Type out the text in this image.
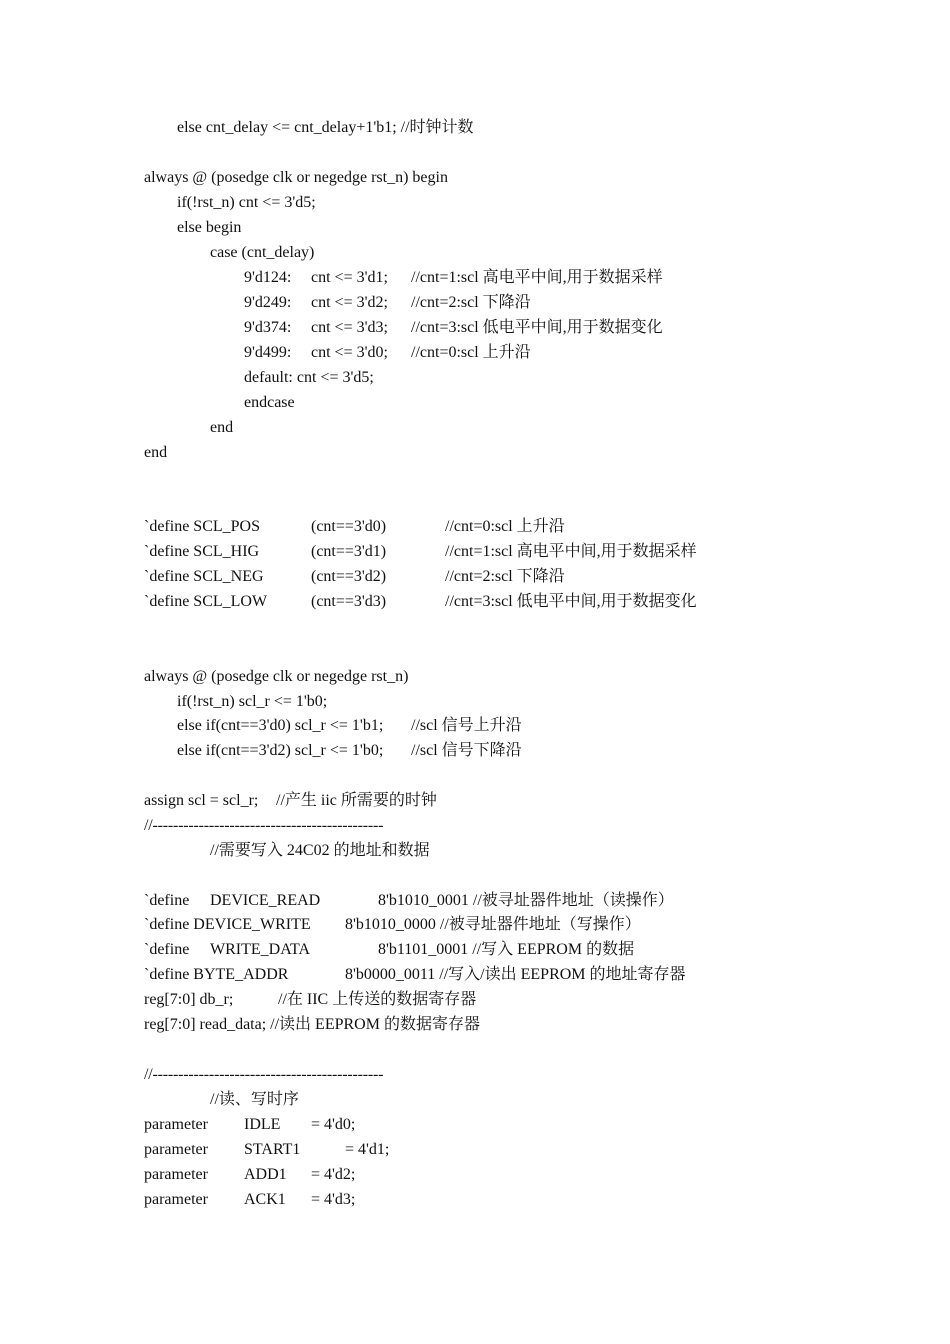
else cnt_delay <= cnt_delay+1'b1; //时钟计数
always @ (posedge clk or negedge rst_n) begin
if(!rst_n) cnt <= 3'd5;
else begin
case (cnt_delay)
9'd124: cnt <= 3'd1; //cnt=1:scl 高电平中间,用于数据采样
9'd249: cnt <= 3'd2; //cnt=2:scl 下降沿
9'd374: cnt <= 3'd3; //cnt=3:scl 低电平中间,用于数据变化
9'd499: cnt <= 3'd0; //cnt=0:scl 上升沿
default: cnt <= 3'd5;
endcase
end
end
`define SCL_POS	(cnt==3'd0)	//cnt=0:scl 上升沿
`define SCL_HIG	(cnt==3'd1)	//cnt=1:scl 高电平中间,用于数据采样
`define SCL_NEG	(cnt==3'd2)	//cnt=2:scl 下降沿
`define SCL_LOW	(cnt==3'd3)	//cnt=3:scl 低电平中间,用于数据变化
always @ (posedge clk or negedge rst_n)
if(!rst_n) scl_r <= 1'b0;
else if(cnt==3'd0) scl_r <= 1'b1; //scl 信号上升沿
else if(cnt==3'd2) scl_r <= 1'b0; //scl 信号下降沿
assign scl = scl_r; //产生 iic 所需要的时钟
//---------------------------------------------
//需要写入 24C02 的地址和数据
`define DEVICE_READ	8'b1010_0001 //被寻址器件地址（读操作）
`define DEVICE_WRITE 8'b1010_0000 //被寻址器件地址（写操作）
`define WRITE_DATA	8'b1101_0001 //写入 EEPROM 的数据
`define BYTE_ADDR	8'b0000_0011 //写入/读出 EEPROM 的地址寄存器
reg[7:0] db_r;	//在 IIC 上传送的数据寄存器
reg[7:0] read_data; //读出 EEPROM 的数据寄存器
//---------------------------------------------
//读、写时序
parameter IDLE = 4'd0;
parameter START1	= 4'd1;
parameter ADD1 = 4'd2;
parameter ACK1 = 4'd3;
